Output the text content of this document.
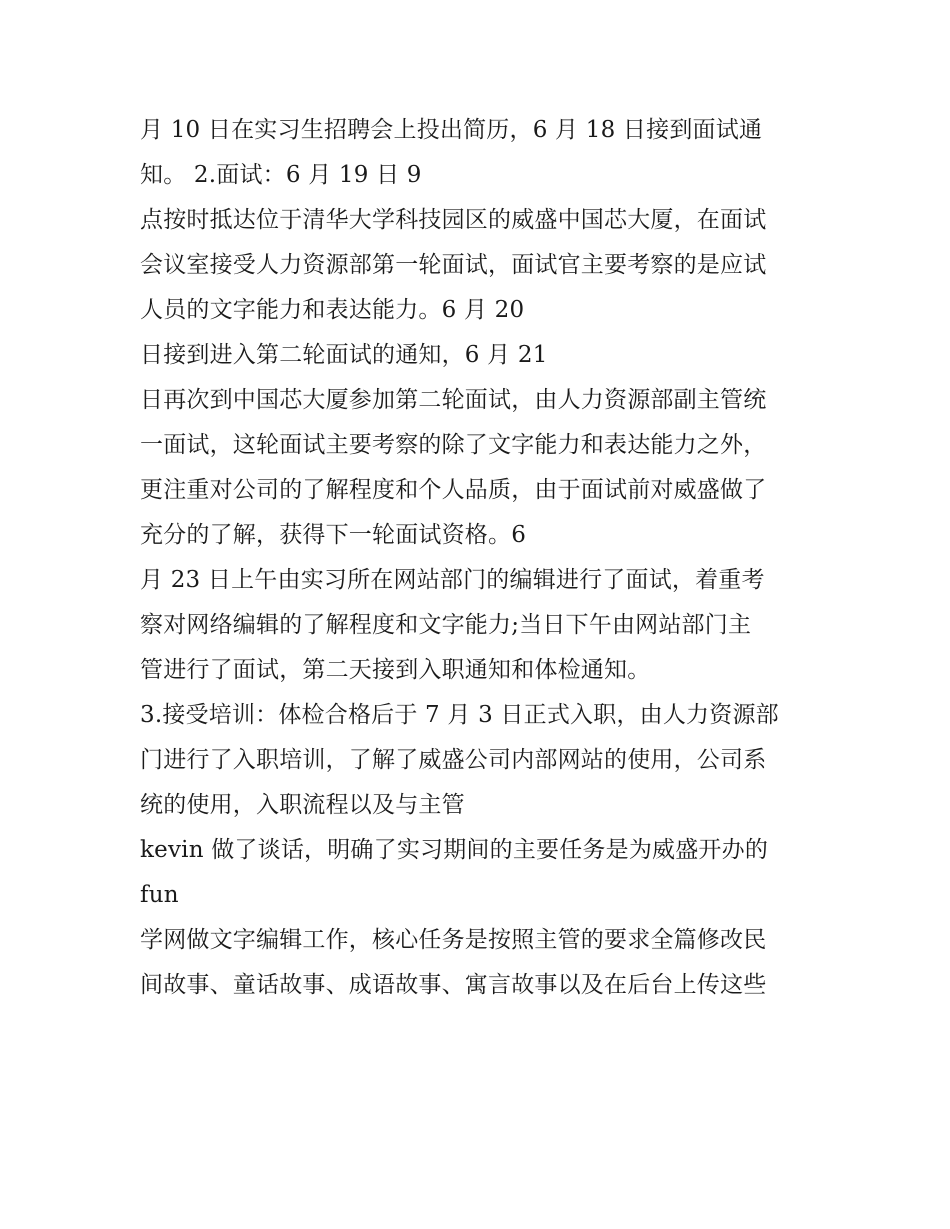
月 10 日在实习生招聘会上投出简历，6 月 18 日接到面试通
知。 2.面试：6 月 19 日 9
点按时抵达位于清华大学科技园区的威盛中国芯大厦，在面试
会议室接受人力资源部第一轮面试，面试官主要考察的是应试
人员的文字能力和表达能力。6 月 20
日接到进入第二轮面试的通知，6 月 21
日再次到中国芯大厦参加第二轮面试，由人力资源部副主管统
一面试，这轮面试主要考察的除了文字能力和表达能力之外，
更注重对公司的了解程度和个人品质，由于面试前对威盛做了
充分的了解，获得下一轮面试资格。6
月 23 日上午由实习所在网站部门的编辑进行了面试，着重考
察对网络编辑的了解程度和文字能力;当日下午由网站部门主
管进行了面试，第二天接到入职通知和体检通知。
3.接受培训：体检合格后于 7 月 3 日正式入职，由人力资源部
门进行了入职培训，了解了威盛公司内部网站的使用，公司系
统的使用，入职流程以及与主管
kevin 做了谈话，明确了实习期间的主要任务是为威盛开办的
fun
学网做文字编辑工作，核心任务是按照主管的要求全篇修改民
间故事、童话故事、成语故事、寓言故事以及在后台上传这些
